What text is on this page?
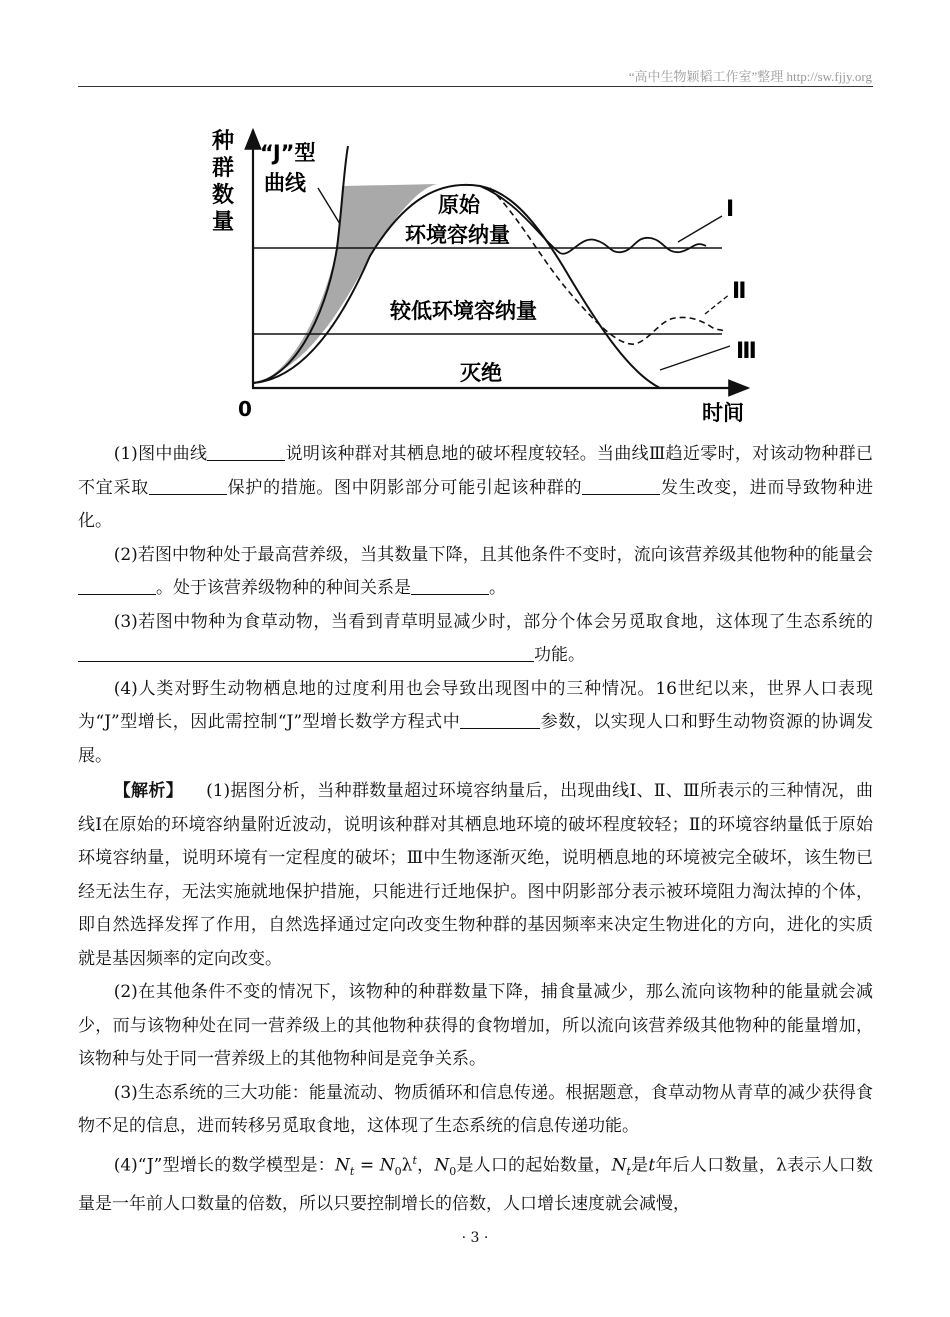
“高中生物颖韬工作室”整理 http://sw.fjjy.org
种
群
数
量
0	时间
“J”型
曲线
原始
环境容纳量
较低环境容纳量
灭绝
Ⅰ
Ⅱ
Ⅲ

(1)图中曲线	说明该种群对其栖息地的破坏程度较轻。当曲线Ⅲ趋近零时，对该动物种群已不宜采取	保护的措施。图中阴影部分可能引起该种群的	发生改变，进而导致物种进化。

(2)若图中物种处于最高营养级，当其数量下降，且其他条件不变时，流向该营养级其他物种的能量会。处于该营养级物种的种间关系是	。

(3)若图中物种为食草动物，当看到青草明显减少时，部分个体会另觅取食地，这体现了生态系统的功能。

(4)人类对野生动物栖息地的过度利用也会导致出现图中的三种情况。16世纪以来，世界人口表现为“J”型增长，因此需控制“J”型增长数学方程式中	参数，以实现人口和野生动物资源的协调发展。

【解析】 (1)据图分析，当种群数量超过环境容纳量后，出现曲线Ⅰ、Ⅱ、Ⅲ所表示的三种情况，曲线Ⅰ在原始的环境容纳量附近波动，说明该种群对其栖息地环境的破坏程度较轻；Ⅱ的环境容纳量低于原始环境容纳量，说明环境有一定程度的破坏；Ⅲ中生物逐渐灭绝，说明栖息地的环境被完全破坏，该生物已经无法生存，无法实施就地保护措施，只能进行迁地保护。图中阴影部分表示被环境阻力淘汰掉的个体，即自然选择发挥了作用，自然选择通过定向改变生物种群的基因频率来决定生物进化的方向，进化的实质就是基因频率的定向改变。

(2)在其他条件不变的情况下，该物种的种群数量下降，捕食量减少，那么流向该物种的能量就会减少，而与该物种处在同一营养级上的其他物种获得的食物增加，所以流向该营养级其他物种的能量增加，该物种与处于同一营养级上的其他物种间是竞争关系。

(3)生态系统的三大功能：能量流动、物质循环和信息传递。根据题意，食草动物从青草的减少获得食物不足的信息，进而转移另觅取食地，这体现了生态系统的信息传递功能。

(4)“J”型增长的数学模型是：$N_t = N_0\lambda^t$，$N_0$是人口的起始数量，$N_t$是t年后人口数量，λ表示人口数量是一年前人口数量的倍数，所以只要控制增长的倍数，人口增长速度就会减慢，

· 3 ·
